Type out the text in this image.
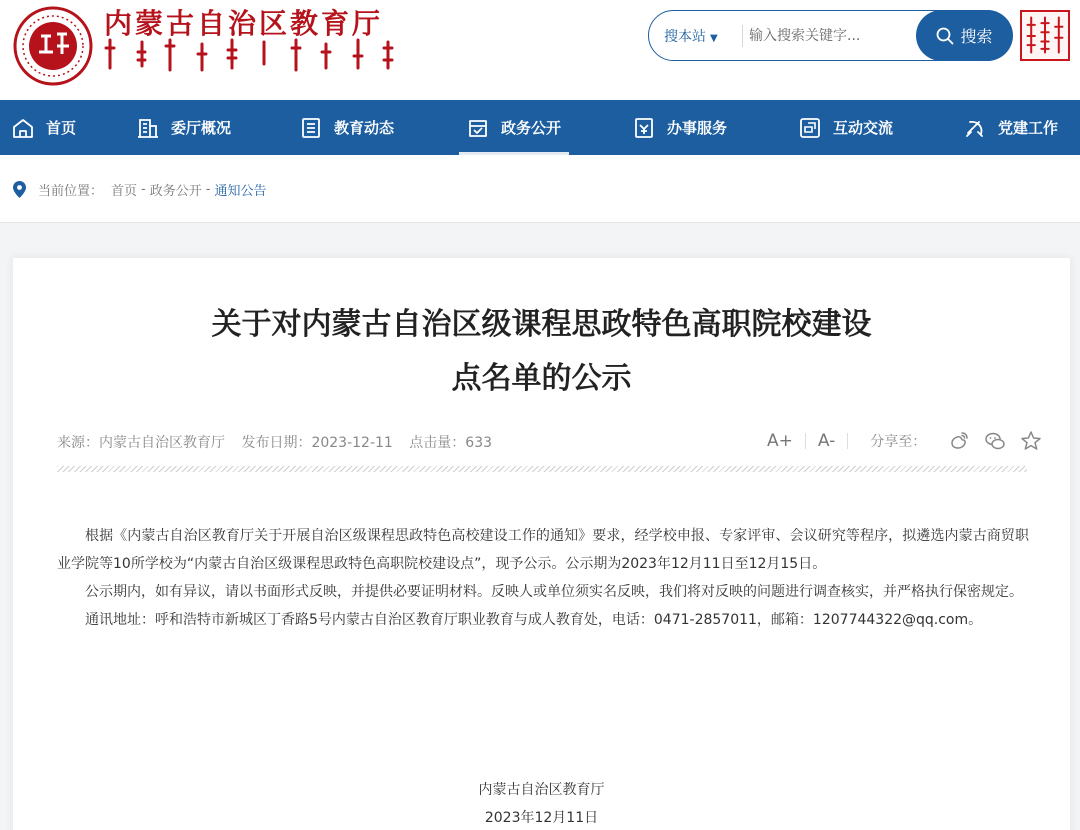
内蒙古自治区教育厅	搜本站 ▼
输入搜索关键字...	搜索
首页	委厅概况	教育动态	政务公开	办事服务	互动交流	党建工作
当前位置： 首页 - 政务公开 - 通知公告
关于对内蒙古自治区级课程思政特色高职院校建设
点名单的公示
来源：内蒙古自治区教育厅 发布日期：2023-12-11 点击量：633	A+	A-	分享至：

根据《内蒙古自治区教育厅关于开展自治区级课程思政特色高校建设工作的通知》要求，经学校申报、专家评审、会议研究等程序，拟遴选内蒙古商贸职业学院等10所学校为“内蒙古自治区级课程思政特色高职院校建设点”，现予公示。公示期为2023年12月11日至12月15日。

公示期内，如有异议，请以书面形式反映，并提供必要证明材料。反映人或单位须实名反映，我们将对反映的问题进行调查核实，并严格执行保密规定。

通讯地址：呼和浩特市新城区丁香路5号内蒙古自治区教育厅职业教育与成人教育处，电话：0471-2857011，邮箱：1207744322@qq.com。

内蒙古自治区教育厅
2023年12月11日
